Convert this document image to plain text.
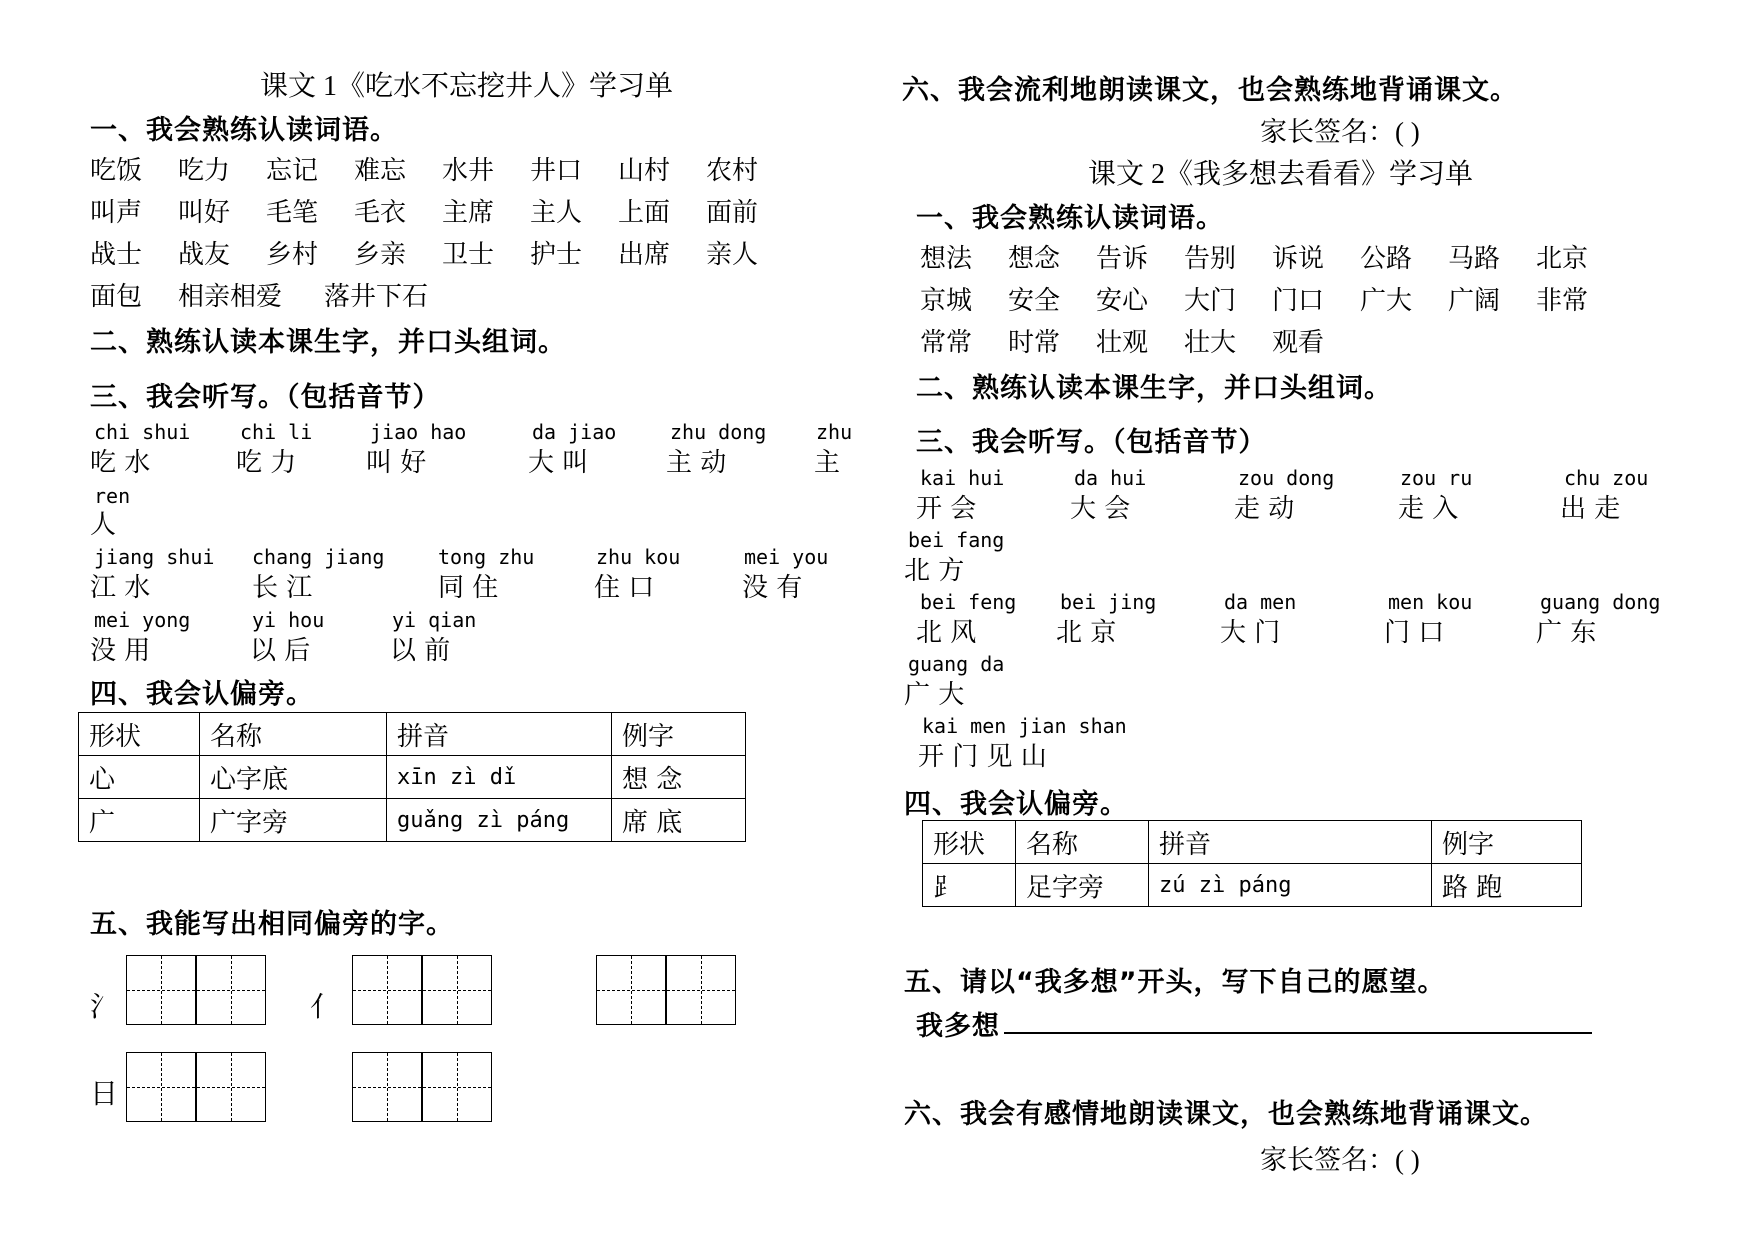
课文 1《吃水不忘挖井人》学习单
一、我会熟练认读词语。
吃饭 吃力 忘记 难忘 水井 井口 山村 农村
叫声 叫好 毛笔 毛衣 主席 主人 上面 面前
战士 战友 乡村 乡亲 卫士 护士 出席 亲人
面包 相亲相爱 落井下石
二、熟练认读本课生字，并口头组词。
三、我会听写。（包括音节）
chi shui
吃 水
chi li
吃 力
jiao hao
叫 好
da jiao
大 叫
zhu dong
主 动
zhu
主
ren
人
jiang shui
江 水
chang jiang
长 江
tong zhu
同 住
zhu kou
住 口
mei you
没 有
mei yong
没 用
yi hou
以 后
yi qian
以 前
四、我会认偏旁。
形状	名称	拼音	例字
心	心字底	xīn zì dǐ	想 念
广	广字旁	guǎng zì páng	席 底
五、我能写出相同偏旁的字。
氵	亻
日
六、我会流利地朗读课文，也会熟练地背诵课文。
家长签名：( )
课文 2《我多想去看看》学习单
一、我会熟练认读词语。
想法 想念 告诉 告别 诉说 公路 马路 北京
京城 安全 安心 大门 门口 广大 广阔 非常
常常 时常 壮观 壮大 观看
二、熟练认读本课生字，并口头组词。
三、我会听写。（包括音节）
kai hui
开 会
da hui
大 会
zou dong
走 动
zou ru
走 入
chu zou
出 走
bei fang
北 方
bei feng
北 风
bei jing
北 京
da men
大 门
men kou
门 口
guang dong
广 东
guang da
广 大
kai men jian shan
开 门 见 山
四、我会认偏旁。
形状	名称	拼音	例字
⻊	足字旁	zú zì páng	路 跑
五、请以“我多想”开头，写下自己的愿望。
我多想
六、我会有感情地朗读课文，也会熟练地背诵课文。
家长签名：( )
